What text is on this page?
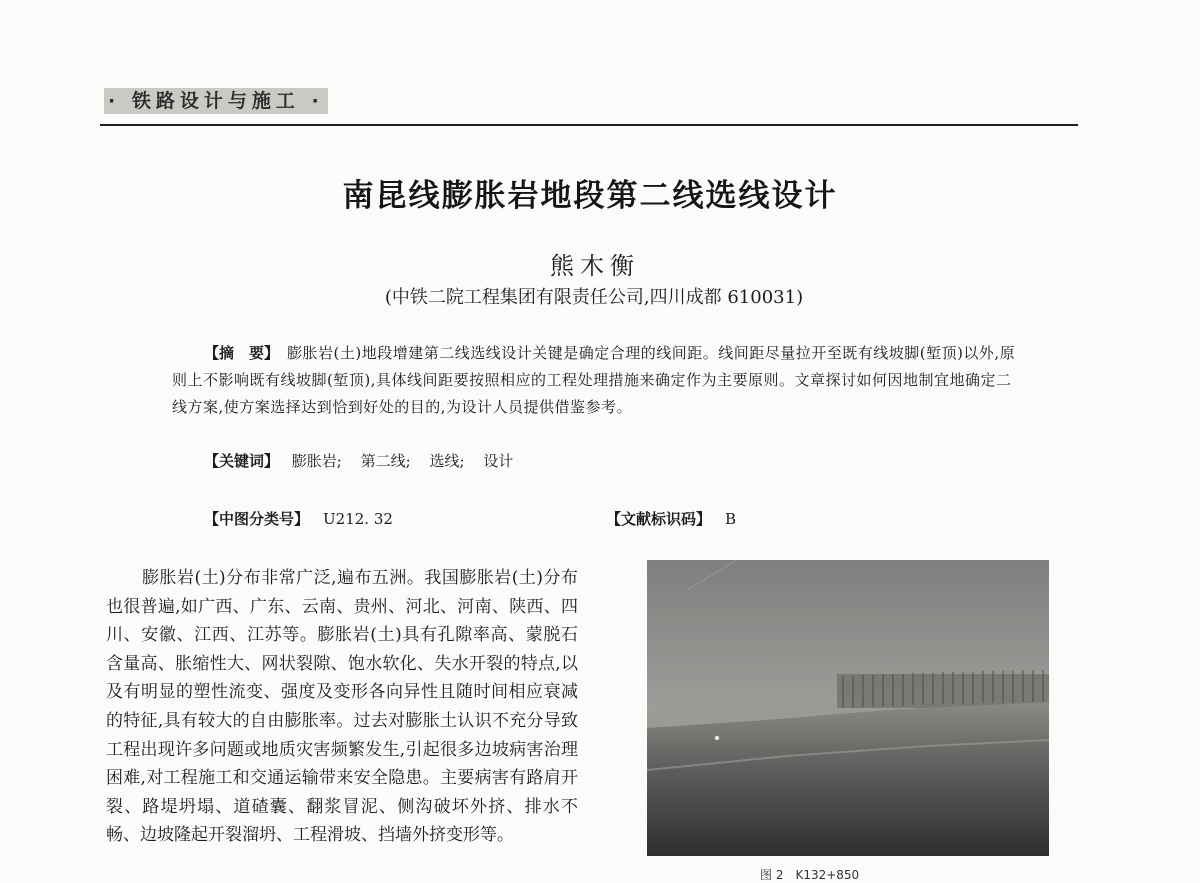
· 铁路设计与施工 ·
南昆线膨胀岩地段第二线选线设计
熊木衡
(中铁二院工程集团有限责任公司,四川成都 610031)

【摘　要】 膨胀岩(土)地段增建第二线选线设计关键是确定合理的线间距。线间距尽量拉开至既有线坡脚(堑顶)以外,原则上不影响既有线坡脚(堑顶),具体线间距要按照相应的工程处理措施来确定作为主要原则。文章探讨如何因地制宜地确定二线方案,使方案选择达到恰到好处的目的,为设计人员提供借鉴参考。

【关键词】 膨胀岩; 第二线; 选线; 设计
【中图分类号】 U212. 32	【文献标识码】 B

膨胀岩(土)分布非常广泛,遍布五洲。我国膨胀岩(土)分布也很普遍,如广西、广东、云南、贵州、河北、河南、陕西、四川、安徽、江西、江苏等。膨胀岩(土)具有孔隙率高、蒙脱石含量高、胀缩性大、网状裂隙、饱水软化、失水开裂的特点,以及有明显的塑性流变、强度及变形各向异性且随时间相应衰减的特征,具有较大的自由膨胀率。过去对膨胀土认识不充分导致工程出现许多问题或地质灾害频繁发生,引起很多边坡病害治理困难,对工程施工和交通运输带来安全隐患。主要病害有路肩开裂、路堤坍塌、道碴囊、翻浆冒泥、侧沟破坏外挤、排水不畅、边坡隆起开裂溜坍、工程滑坡、挡墙外挤变形等。

图 2　K132+850
